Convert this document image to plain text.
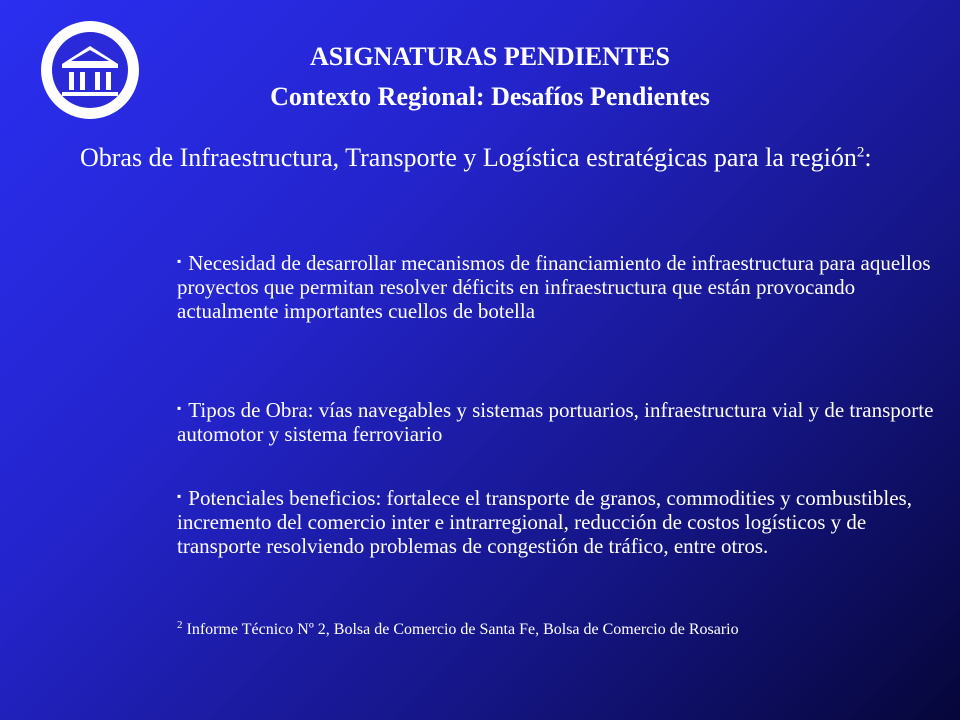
ASIGNATURAS PENDIENTES
Contexto Regional: Desafíos Pendientes

Obras de Infraestructura, Transporte y Logística estratégicas para la región$^2$:

▪ Necesidad de desarrollar mecanismos de financiamiento de infraestructura para aquellos proyectos que permitan resolver déficits en infraestructura que están provocando actualmente importantes cuellos de botella

▪ Tipos de Obra: vías navegables y sistemas portuarios, infraestructura vial y de transporte automotor y sistema ferroviario

▪ Potenciales beneficios: fortalece el transporte de granos, commodities y combustibles, incremento del comercio inter e intrarregional, reducción de costos logísticos y de transporte resolviendo problemas de congestión de tráfico, entre otros.

$^2$ Informe Técnico Nº 2, Bolsa de Comercio de Santa Fe, Bolsa de Comercio de Rosario
